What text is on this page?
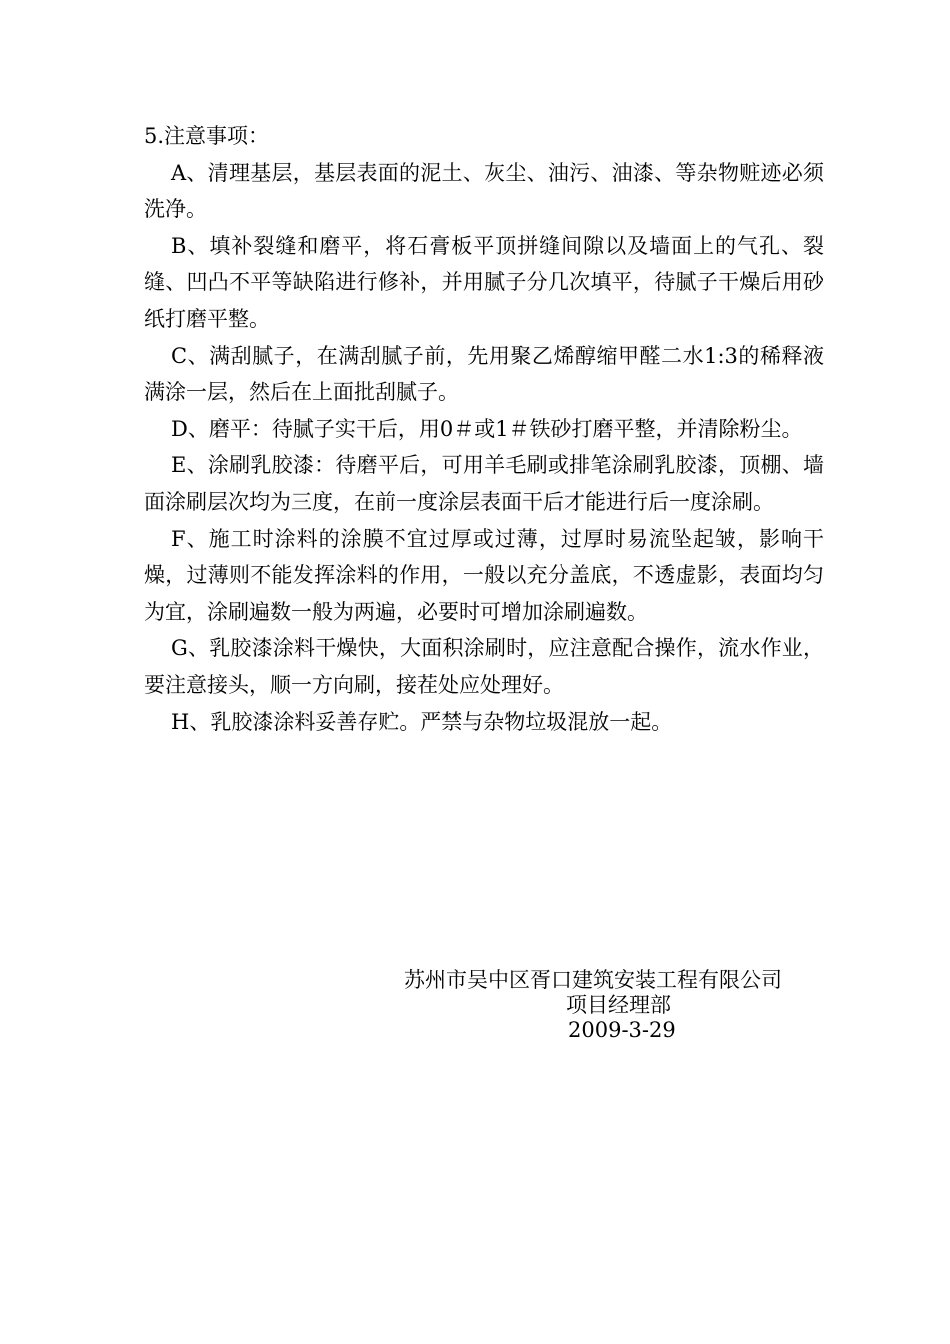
5.注意事项：

A、清理基层，基层表面的泥土、灰尘、油污、油漆、等杂物赃迹必须洗净。

B、填补裂缝和磨平，将石膏板平顶拼缝间隙以及墙面上的气孔、裂缝、凹凸不平等缺陷进行修补，并用腻子分几次填平，待腻子干燥后用砂纸打磨平整。

C、满刮腻子，在满刮腻子前，先用聚乙烯醇缩甲醛二水1:3的稀释液满涂一层，然后在上面批刮腻子。

D、磨平：待腻子实干后，用0＃或1＃铁砂打磨平整，并清除粉尘。

E、涂刷乳胶漆：待磨平后，可用羊毛刷或排笔涂刷乳胶漆，顶棚、墙面涂刷层次均为三度，在前一度涂层表面干后才能进行后一度涂刷。

F、施工时涂料的涂膜不宜过厚或过薄，过厚时易流坠起皱，影响干燥，过薄则不能发挥涂料的作用，一般以充分盖底，不透虚影，表面均匀为宜，涂刷遍数一般为两遍，必要时可增加涂刷遍数。

G、乳胶漆涂料干燥快，大面积涂刷时，应注意配合操作，流水作业，要注意接头，顺一方向刷，接茬处应处理好。

H、乳胶漆涂料妥善存贮。严禁与杂物垃圾混放一起。

苏州市吴中区胥口建筑安装工程有限公司
项目经理部
2009-3-29
